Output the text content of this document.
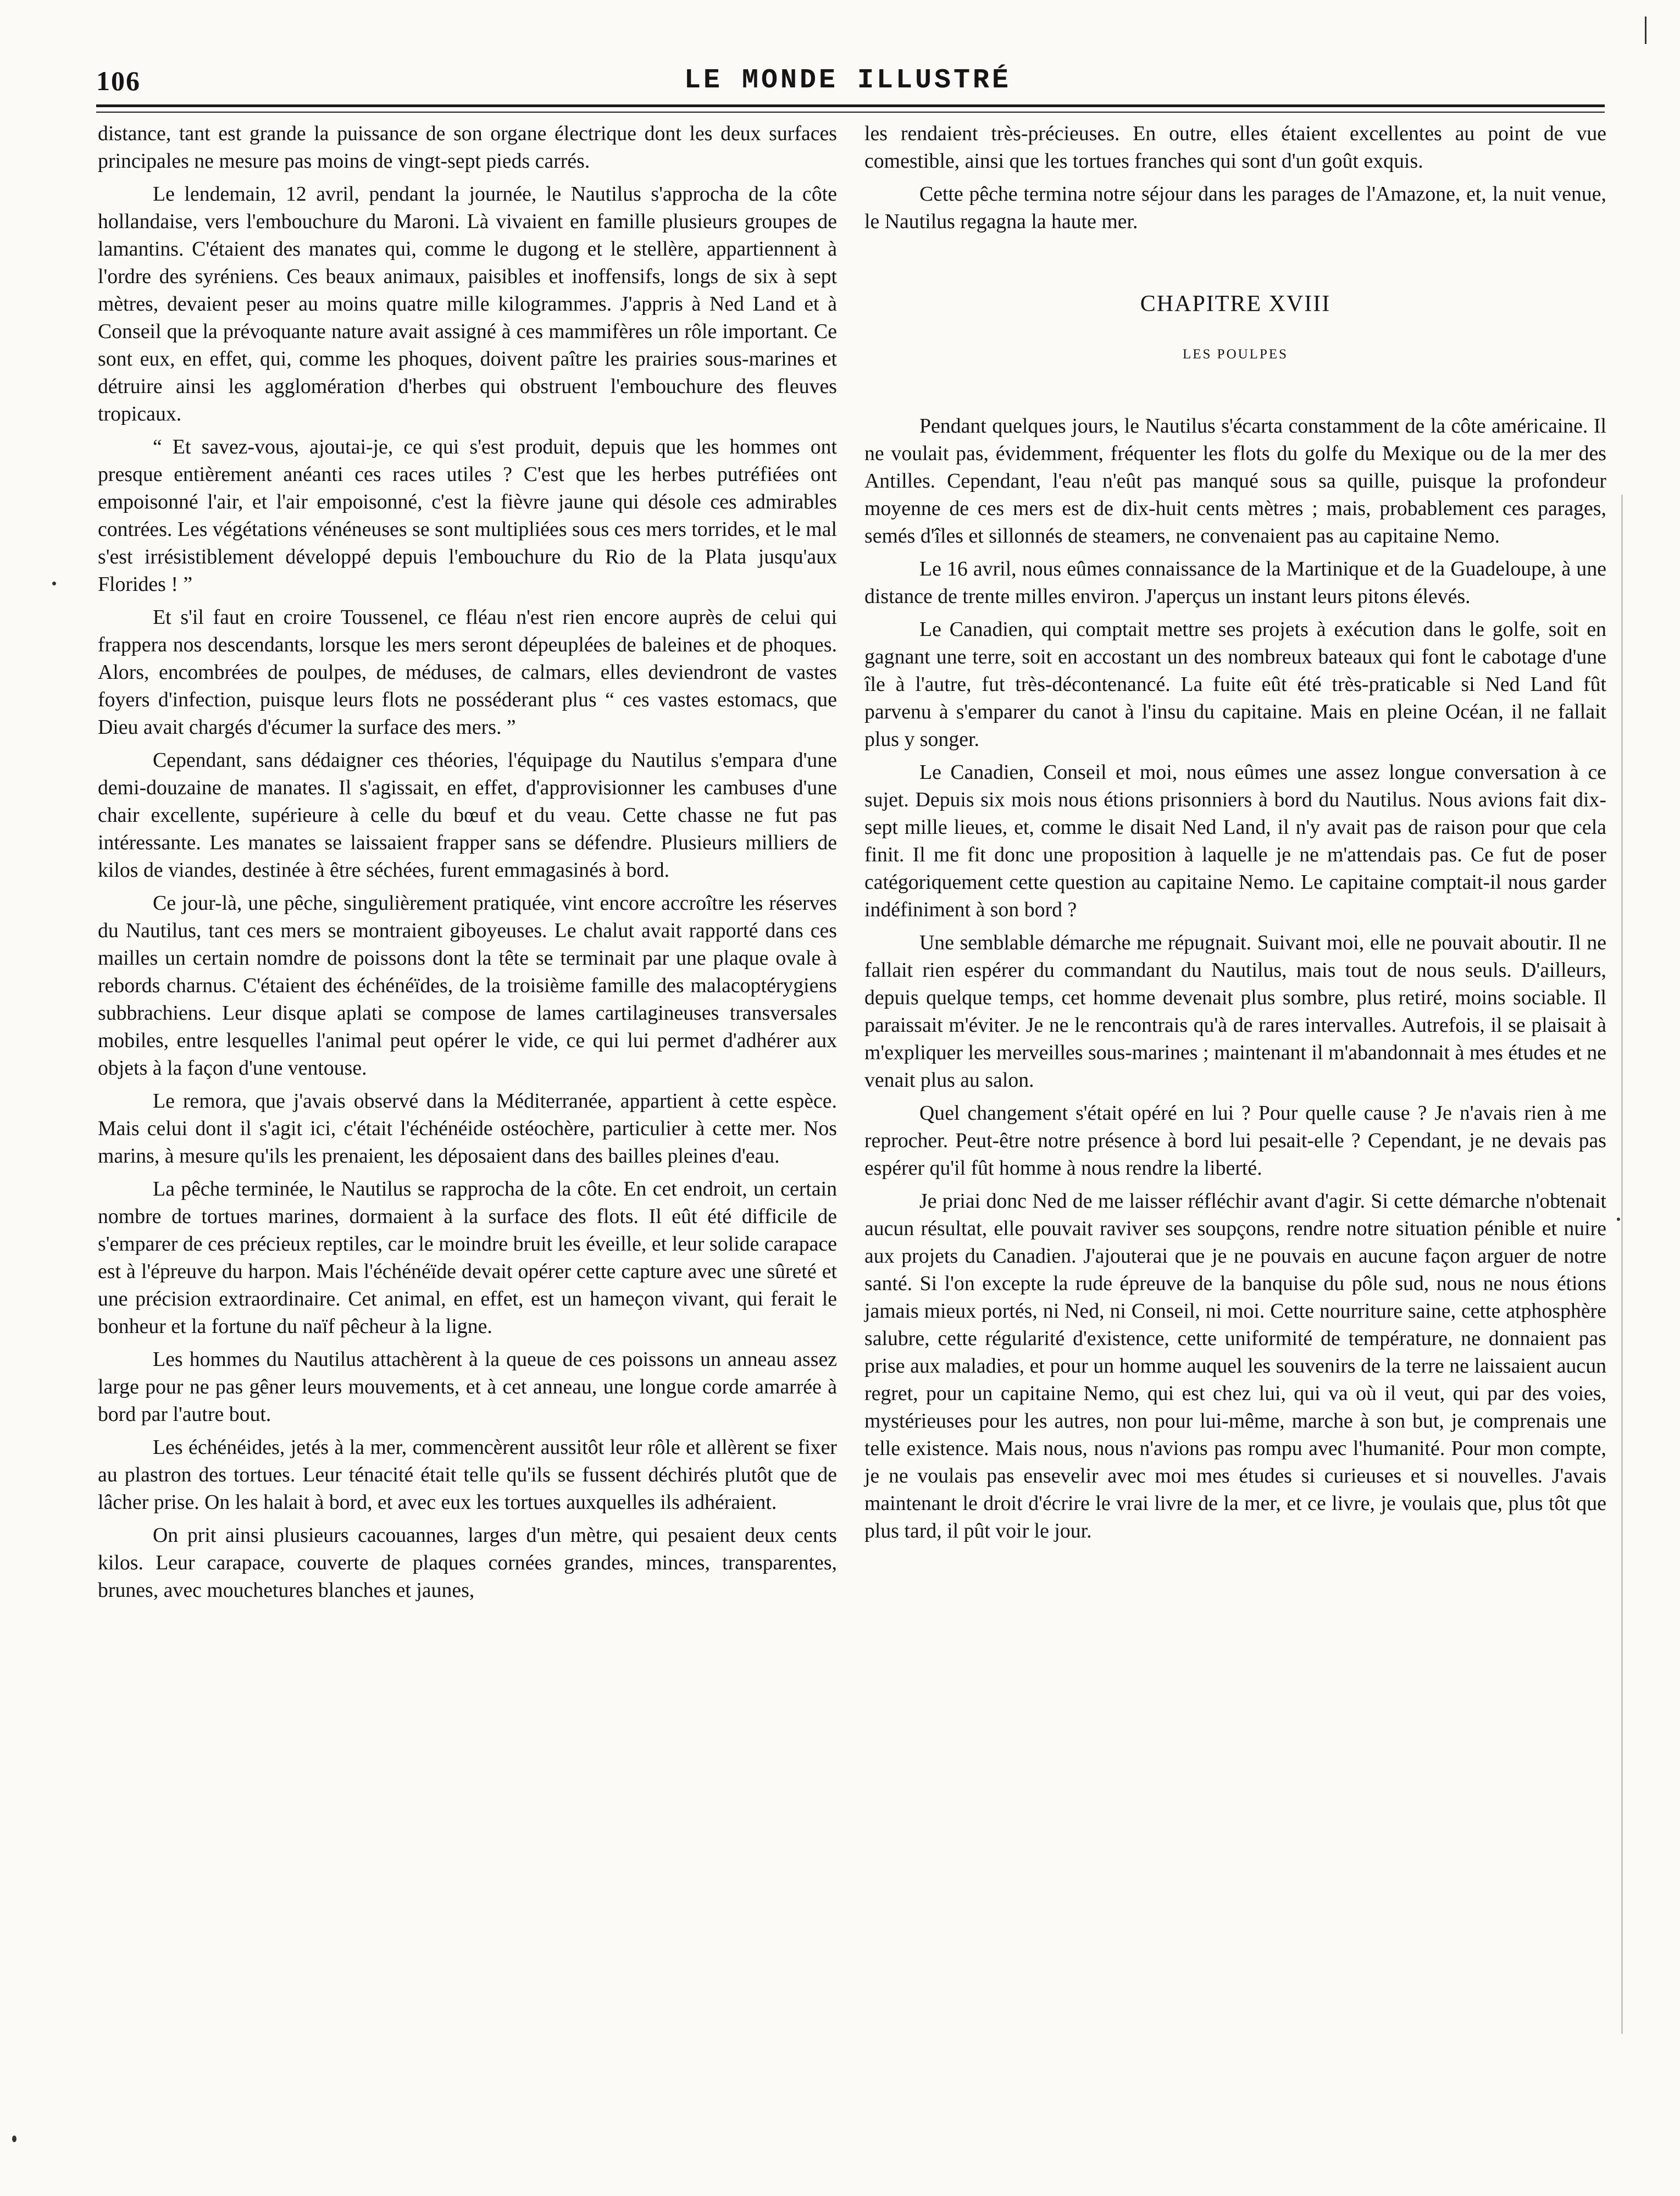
106	LE MONDE ILLUSTRÉ

distance, tant est grande la puissance de son organe électrique dont les deux surfaces principales ne mesure pas moins de vingt-sept pieds carrés.

Le lendemain, 12 avril, pendant la journée, le Nautilus s'approcha de la côte hollandaise, vers l'embouchure du Maroni. Là vivaient en famille plusieurs groupes de lamantins. C'étaient des manates qui, comme le dugong et le stellère, appartiennent à l'ordre des syréniens. Ces beaux animaux, paisibles et inoffensifs, longs de six à sept mètres, devaient peser au moins quatre mille kilogrammes. J'appris à Ned Land et à Conseil que la prévoquante nature avait assigné à ces mammifères un rôle important. Ce sont eux, en effet, qui, comme les phoques, doivent paître les prairies sous-marines et détruire ainsi les agglomération d'herbes qui obstruent l'embouchure des fleuves tropicaux.

“ Et savez-vous, ajoutai-je, ce qui s'est produit, depuis que les hommes ont presque entièrement anéanti ces races utiles ? C'est que les herbes putréfiées ont empoisonné l'air, et l'air empoisonné, c'est la fièvre jaune qui désole ces admirables contrées. Les végétations vénéneuses se sont multipliées sous ces mers torrides, et le mal s'est irrésistiblement développé depuis l'embouchure du Rio de la Plata jusqu'aux Florides ! ”

Et s'il faut en croire Toussenel, ce fléau n'est rien encore auprès de celui qui frappera nos descendants, lorsque les mers seront dépeuplées de baleines et de phoques. Alors, encombrées de poulpes, de méduses, de calmars, elles deviendront de vastes foyers d'infection, puisque leurs flots ne posséderant plus “ ces vastes estomacs, que Dieu avait chargés d'écumer la surface des mers. ”

Cependant, sans dédaigner ces théories, l'équipage du Nautilus s'empara d'une demi-douzaine de manates. Il s'agissait, en effet, d'approvisionner les cambuses d'une chair excellente, supérieure à celle du bœuf et du veau. Cette chasse ne fut pas intéressante. Les manates se laissaient frapper sans se défendre. Plusieurs milliers de kilos de viandes, destinée à être séchées, furent emmagasinés à bord.

Ce jour-là, une pêche, singulièrement pratiquée, vint encore accroître les réserves du Nautilus, tant ces mers se montraient giboyeuses. Le chalut avait rapporté dans ces mailles un certain nomdre de poissons dont la tête se terminait par une plaque ovale à rebords charnus. C'étaient des échénéïdes, de la troisième famille des malacoptérygiens subbrachiens. Leur disque aplati se compose de lames cartilagineuses transversales mobiles, entre lesquelles l'animal peut opérer le vide, ce qui lui permet d'adhérer aux objets à la façon d'une ventouse.

Le remora, que j'avais observé dans la Méditerranée, appartient à cette espèce. Mais celui dont il s'agit ici, c'était l'échénéide ostéochère, particulier à cette mer. Nos marins, à mesure qu'ils les prenaient, les déposaient dans des bailles pleines d'eau.

La pêche terminée, le Nautilus se rapprocha de la côte. En cet endroit, un certain nombre de tortues marines, dormaient à la surface des flots. Il eût été difficile de s'emparer de ces précieux reptiles, car le moindre bruit les éveille, et leur solide carapace est à l'épreuve du harpon. Mais l'échénéïde devait opérer cette capture avec une sûreté et une précision extraordinaire. Cet animal, en effet, est un hameçon vivant, qui ferait le bonheur et la fortune du naïf pêcheur à la ligne.

Les hommes du Nautilus attachèrent à la queue de ces poissons un anneau assez large pour ne pas gêner leurs mouvements, et à cet anneau, une longue corde amarrée à bord par l'autre bout.

Les échénéides, jetés à la mer, commencèrent aussitôt leur rôle et allèrent se fixer au plastron des tortues. Leur ténacité était telle qu'ils se fussent déchirés plutôt que de lâcher prise. On les halait à bord, et avec eux les tortues auxquelles ils adhéraient.

On prit ainsi plusieurs cacouannes, larges d'un mètre, qui pesaient deux cents kilos. Leur carapace, couverte de plaques cornées grandes, minces, transparentes, brunes, avec mouchetures blanches et jaunes,

les rendaient très-précieuses. En outre, elles étaient excellentes au point de vue comestible, ainsi que les tortues franches qui sont d'un goût exquis.

Cette pêche termina notre séjour dans les parages de l'Amazone, et, la nuit venue, le Nautilus regagna la haute mer.

CHAPITRE XVIII
LES POULPES

Pendant quelques jours, le Nautilus s'écarta constamment de la côte américaine. Il ne voulait pas, évidemment, fréquenter les flots du golfe du Mexique ou de la mer des Antilles. Cependant, l'eau n'eût pas manqué sous sa quille, puisque la profondeur moyenne de ces mers est de dix-huit cents mètres ; mais, probablement ces parages, semés d'îles et sillonnés de steamers, ne convenaient pas au capitaine Nemo.

Le 16 avril, nous eûmes connaissance de la Martinique et de la Guadeloupe, à une distance de trente milles environ. J'aperçus un instant leurs pitons élevés.

Le Canadien, qui comptait mettre ses projets à exécution dans le golfe, soit en gagnant une terre, soit en accostant un des nombreux bateaux qui font le cabotage d'une île à l'autre, fut très-décontenancé. La fuite eût été très-praticable si Ned Land fût parvenu à s'emparer du canot à l'insu du capitaine. Mais en pleine Océan, il ne fallait plus y songer.

Le Canadien, Conseil et moi, nous eûmes une assez longue conversation à ce sujet. Depuis six mois nous étions prisonniers à bord du Nautilus. Nous avions fait dix-sept mille lieues, et, comme le disait Ned Land, il n'y avait pas de raison pour que cela finit. Il me fit donc une proposition à laquelle je ne m'attendais pas. Ce fut de poser catégoriquement cette question au capitaine Nemo. Le capitaine comptait-il nous garder indéfiniment à son bord ?

Une semblable démarche me répugnait. Suivant moi, elle ne pouvait aboutir. Il ne fallait rien espérer du commandant du Nautilus, mais tout de nous seuls. D'ailleurs, depuis quelque temps, cet homme devenait plus sombre, plus retiré, moins sociable. Il paraissait m'éviter. Je ne le rencontrais qu'à de rares intervalles. Autrefois, il se plaisait à m'expliquer les merveilles sous-marines ; maintenant il m'abandonnait à mes études et ne venait plus au salon.

Quel changement s'était opéré en lui ? Pour quelle cause ? Je n'avais rien à me reprocher. Peut-être notre présence à bord lui pesait-elle ? Cependant, je ne devais pas espérer qu'il fût homme à nous rendre la liberté.

Je priai donc Ned de me laisser réfléchir avant d'agir. Si cette démarche n'obtenait aucun résultat, elle pouvait raviver ses soupçons, rendre notre situation pénible et nuire aux projets du Canadien. J'ajouterai que je ne pouvais en aucune façon arguer de notre santé. Si l'on excepte la rude épreuve de la banquise du pôle sud, nous ne nous étions jamais mieux portés, ni Ned, ni Conseil, ni moi. Cette nourriture saine, cette atphosphère salubre, cette régularité d'existence, cette uniformité de température, ne donnaient pas prise aux maladies, et pour un homme auquel les souvenirs de la terre ne laissaient aucun regret, pour un capitaine Nemo, qui est chez lui, qui va où il veut, qui par des voies, mystérieuses pour les autres, non pour lui-même, marche à son but, je comprenais une telle existence. Mais nous, nous n'avions pas rompu avec l'humanité. Pour mon compte, je ne voulais pas ensevelir avec moi mes études si curieuses et si nouvelles. J'avais maintenant le droit d'écrire le vrai livre de la mer, et ce livre, je voulais que, plus tôt que plus tard, il pût voir le jour.
